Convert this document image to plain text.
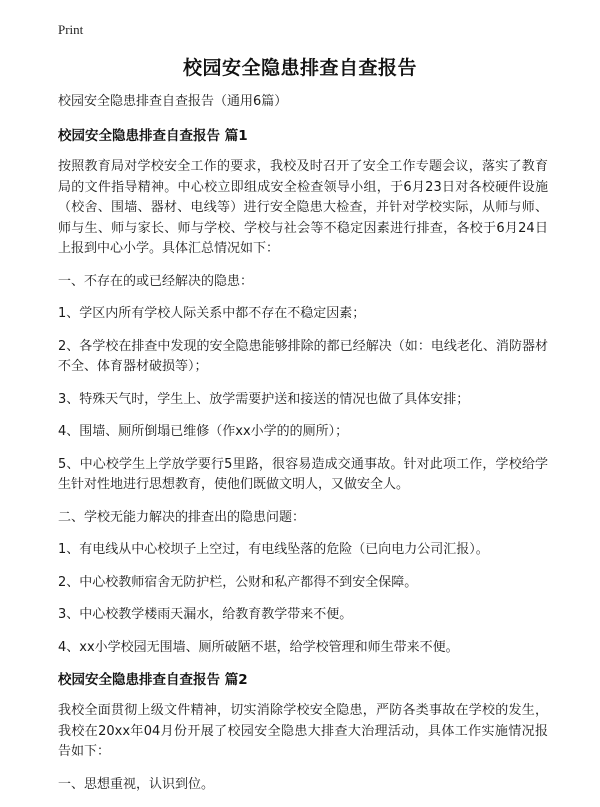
Print
校园安全隐患排查自查报告

校园安全隐患排查自查报告（通用6篇）

校园安全隐患排查自查报告 篇1

按照教育局对学校安全工作的要求，我校及时召开了安全工作专题会议，落实了教育局的文件指导精神。中心校立即组成安全检查领导小组，于6月23日对各校硬件设施（校舍、围墙、器材、电线等）进行安全隐患大检查，并针对学校实际，从师与师、师与生、师与家长、师与学校、学校与社会等不稳定因素进行排查，各校于6月24日上报到中心小学。具体汇总情况如下：

一、不存在的或已经解决的隐患：

1、学区内所有学校人际关系中都不存在不稳定因素；

2、各学校在排查中发现的安全隐患能够排除的都已经解决（如：电线老化、消防器材不全、体育器材破损等）；

3、特殊天气时，学生上、放学需要护送和接送的情况也做了具体安排；

4、围墙、厕所倒塌已维修（作xx小学的的厕所）；

5、中心校学生上学放学要行5里路，很容易造成交通事故。针对此项工作，学校给学生针对性地进行思想教育，使他们既做文明人，又做安全人。

二、学校无能力解决的排查出的隐患问题：

1、有电线从中心校坝子上空过，有电线坠落的危险（已向电力公司汇报）。

2、中心校教师宿舍无防护栏，公财和私产都得不到安全保障。

3、中心校教学楼雨天漏水，给教育教学带来不便。

4、xx小学校园无围墙、厕所破陋不堪，给学校管理和师生带来不便。

校园安全隐患排查自查报告 篇2

我校全面贯彻上级文件精神，切实消除学校安全隐患，严防各类事故在学校的发生，我校在20xx年04月份开展了校园安全隐患大排查大治理活动，具体工作实施情况报告如下：

一、思想重视，认识到位。
